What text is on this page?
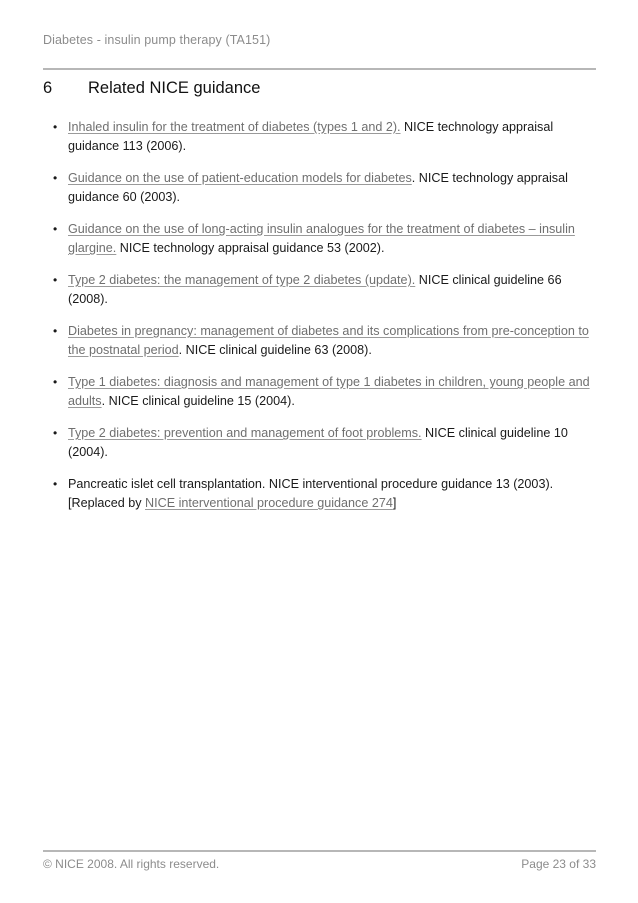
Diabetes - insulin pump therapy (TA151)
6 Related NICE guidance
• Inhaled insulin for the treatment of diabetes (types 1 and 2). NICE technology appraisal guidance 113 (2006).
• Guidance on the use of patient-education models for diabetes. NICE technology appraisal guidance 60 (2003).
• Guidance on the use of long-acting insulin analogues for the treatment of diabetes – insulin glargine. NICE technology appraisal guidance 53 (2002).
• Type 2 diabetes: the management of type 2 diabetes (update). NICE clinical guideline 66 (2008).
• Diabetes in pregnancy: management of diabetes and its complications from pre-conception to the postnatal period. NICE clinical guideline 63 (2008).
• Type 1 diabetes: diagnosis and management of type 1 diabetes in children, young people and adults. NICE clinical guideline 15 (2004).
• Type 2 diabetes: prevention and management of foot problems. NICE clinical guideline 10 (2004).
• Pancreatic islet cell transplantation. NICE interventional procedure guidance 13 (2003). [Replaced by NICE interventional procedure guidance 274]
© NICE 2008. All rights reserved.	Page 23 of 33
